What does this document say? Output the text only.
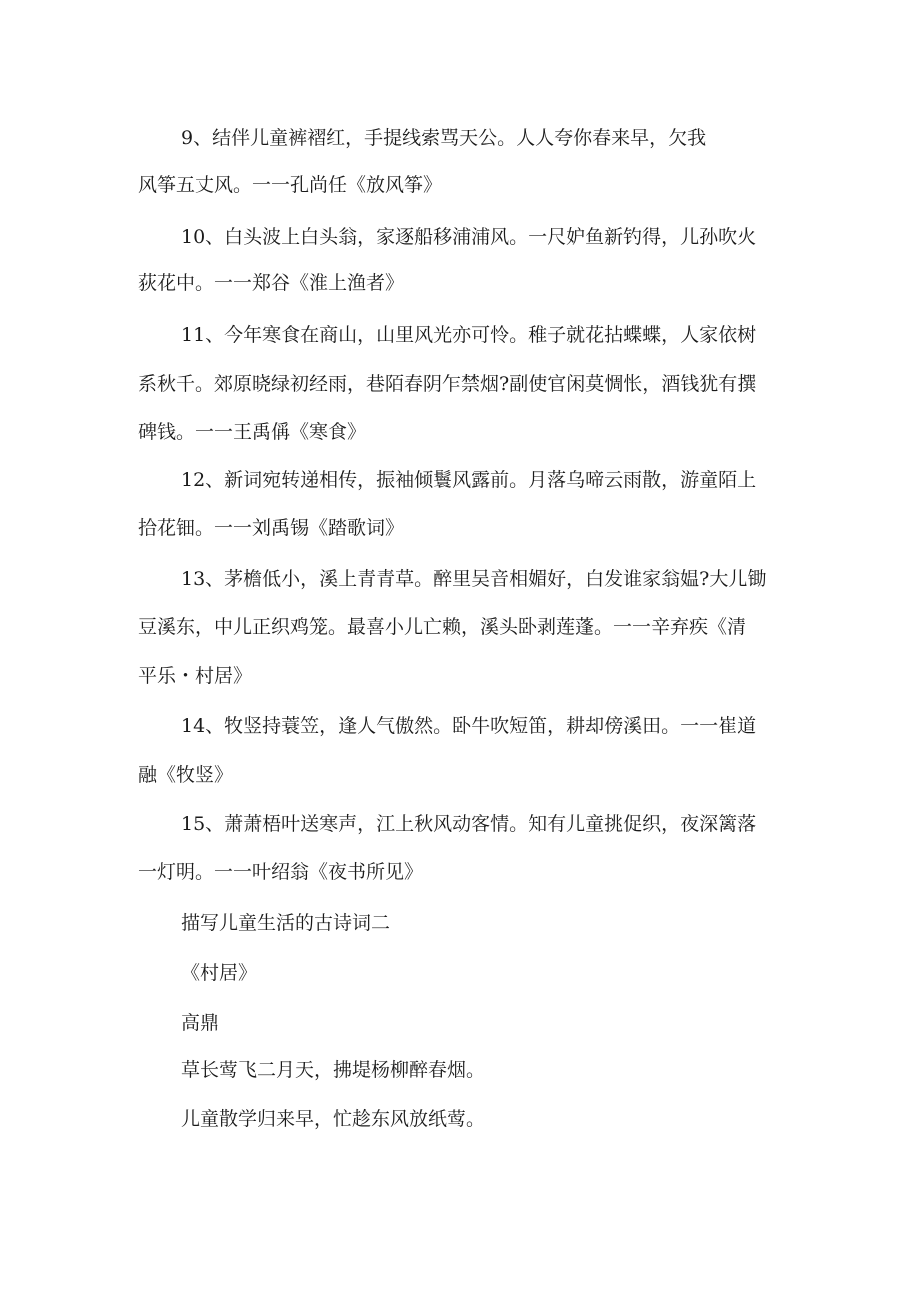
9、结伴儿童裤褶红，手提线索骂天公。人人夸你春来早，欠我
风筝五丈风。一一孔尚任《放风筝》
10、白头波上白头翁，家逐船移浦浦风。一尺妒鱼新钓得，儿孙吹火
荻花中。一一郑谷《淮上渔者》
11、今年寒食在商山，山里风光亦可怜。稚子就花拈蝶蝶，人家依树
系秋千。郊原晓绿初经雨，巷陌春阴乍禁烟?副使官闲莫惆怅，酒钱犹有撰
碑钱。一一王禹偁《寒食》
12、新词宛转递相传，振袖倾鬟风露前。月落乌啼云雨散，游童陌上
拾花钿。一一刘禹锡《踏歌词》
13、茅檐低小，溪上青青草。醉里吴音相媚好，白发谁家翁媪?大儿锄
豆溪东，中儿正织鸡笼。最喜小儿亡赖，溪头卧剥莲蓬。一一辛弃疾《清
平乐・村居》
14、牧竖持蓑笠，逢人气傲然。卧牛吹短笛，耕却傍溪田。一一崔道
融《牧竖》
15、萧萧梧叶送寒声，江上秋风动客情。知有儿童挑促织，夜深篱落
一灯明。一一叶绍翁《夜书所见》
描写儿童生活的古诗词二
《村居》
高鼎
草长莺飞二月天，拂堤杨柳醉春烟。
儿童散学归来早，忙趁东风放纸莺。
